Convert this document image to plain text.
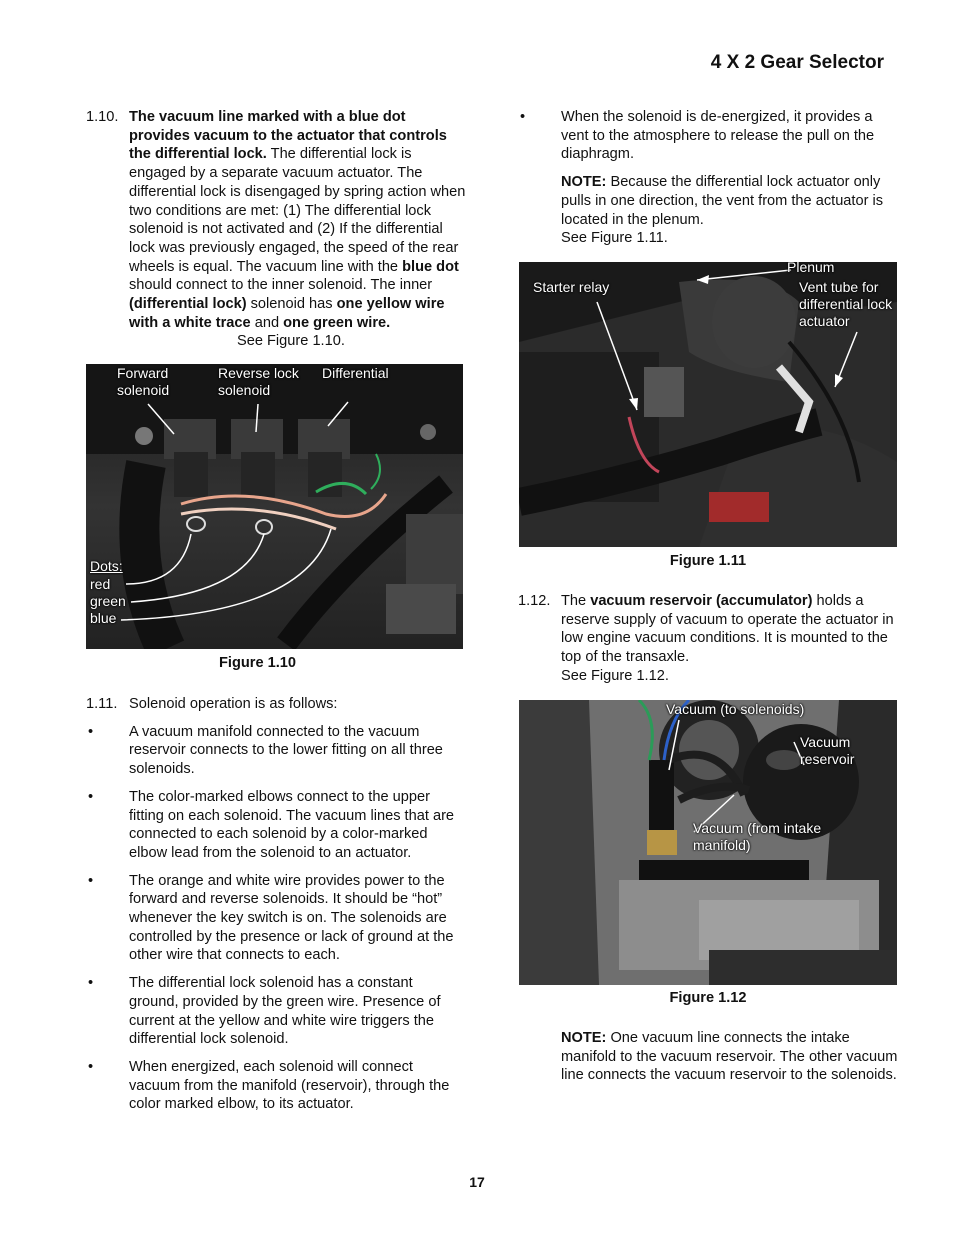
4 X 2 Gear Selector
1.10. The vacuum line marked with a blue dot provides vacuum to the actuator that controls the differential lock. The differential lock is engaged by a separate vacuum actuator. The differential lock is disengaged by spring action when two conditions are met: (1) The differential lock solenoid is not activated and (2) If the differential lock was previously engaged, the speed of the rear wheels is equal. The vacuum line with the blue dot should connect to the inner solenoid. The inner (differential lock) solenoid has one yellow wire with a white trace and one green wire.See Figure 1.10.
Forward solenoid
Reverse lock solenoid
Differential
Dots:
red
green
blue
Figure 1.10
1.11. Solenoid operation is as follows:
•	A vacuum manifold connected to the vacuum reservoir connects to the lower fitting on all three solenoids.
•	The color-marked elbows connect to the upper fitting on each solenoid. The vacuum lines that are connected to each solenoid by a color-marked elbow lead from the solenoid to an actuator.
•	The orange and white wire provides power to the forward and reverse solenoids. It should be “hot” whenever the key switch is on. The solenoids are controlled by the presence or lack of ground at the other wire that connects to each.
•	The differential lock solenoid has a constant ground, provided by the green wire. Presence of current at the yellow and white wire triggers the differential lock solenoid.
•	When energized, each solenoid will connect vacuum from the manifold (reservoir), through the color marked elbow, to its actuator.
•	When the solenoid is de-energized, it provides a vent to the atmosphere to release the pull on the diaphragm.
NOTE: Because the differential lock actuator only pulls in one direction, the vent from the actuator is located in the plenum.
See Figure 1.11.
Plenum
Starter relay	Vent tube for differential lock actuator
Figure 1.11
1.12. The vacuum reservoir (accumulator) holds a reserve supply of vacuum to operate the actuator in low engine vacuum conditions. It is mounted to the top of the transaxle.
See Figure 1.12.
Vacuum (to solenoids)
Vacuum reservoir
Vacuum (from intake manifold)
Figure 1.12
NOTE: One vacuum line connects the intake manifold to the vacuum reservoir. The other vacuum line connects the vacuum reservoir to the solenoids.
17
